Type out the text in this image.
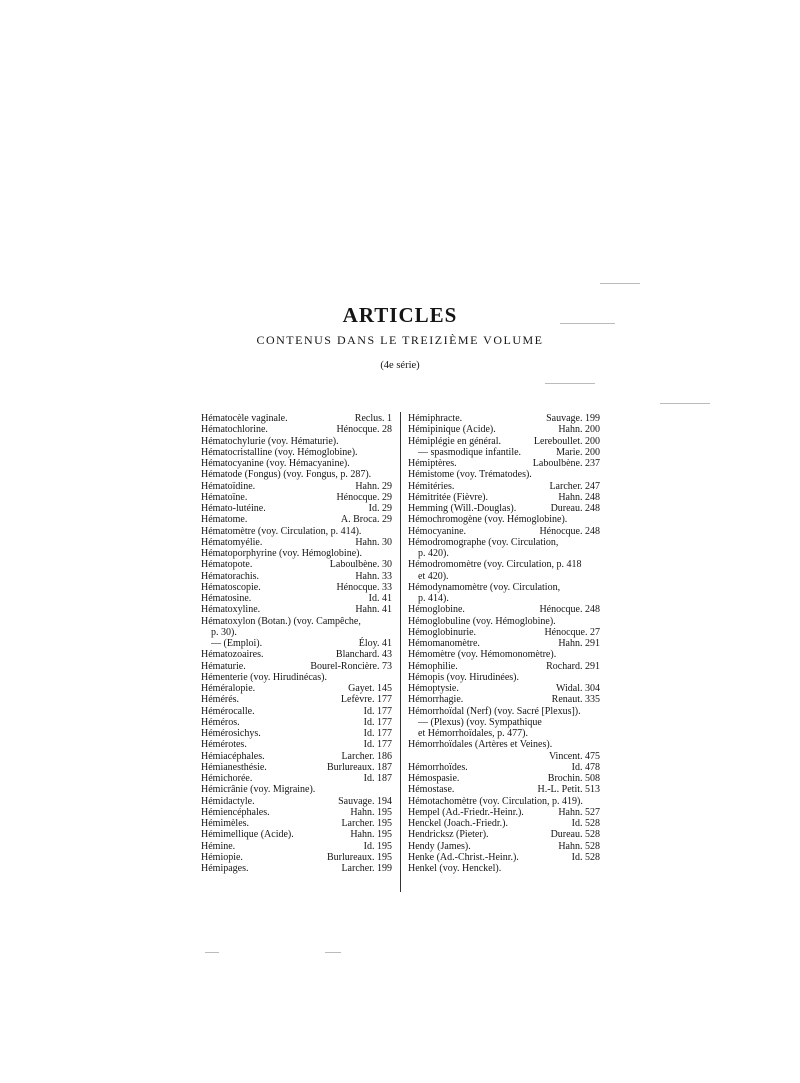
ARTICLES
CONTENUS DANS LE TREIZIÈME VOLUME
(4e série)
Hématocèle vaginale.	Reclus. 1
Hématochlorine.	Hénocque. 28
Hématochylurie (voy. Hématurie).
Hématocristalline (voy. Hémoglobine).
Hématocyanine (voy. Hémacyanine).
Hématode (Fongus) (voy. Fongus, p. 287).
Hématoïdine.	Hahn. 29
Hématoïne.	Hénocque. 29
Hémato-lutéine.	Id. 29
Hématome.	A. Broca. 29
Hématomètre (voy. Circulation, p. 414).
Hématomyélie.	Hahn. 30
Hématoporphyrine (voy. Hémoglobine).
Hématopote.	Laboulbène. 30
Hématorachis.	Hahn. 33
Hématoscopie.	Hénocque. 33
Hématosine.	Id. 41
Hématoxyline.	Hahn. 41
Hématoxylon (Botan.) (voy. Campêche,
p. 30).
— (Emploi).	Éloy. 41
Hématozoaires.	Blanchard. 43
Hématurie.	Bourel-Roncière. 73
Hémenterie (voy. Hirudinécas).
Héméralopie.	Gayet. 145
Hémérés.	Lefèvre. 177
Hémérocalle.	Id. 177
Héméros.	Id. 177
Hémérosichys.	Id. 177
Hémérotes.	Id. 177
Hémiacéphales.	Larcher. 186
Hémianesthésie.	Burlureaux. 187
Hémichorée.	Id. 187
Hémicrânie (voy. Migraine).
Hémidactyle.	Sauvage. 194
Hémiencéphales.	Hahn. 195
Hémimèles.	Larcher. 195
Hémimellique (Acide).	Hahn. 195
Hémine.	Id. 195
Hémiopie.	Burlureaux. 195
Hémipages.	Larcher. 199
Hémiphracte.	Sauvage. 199
Hémipinique (Acide).	Hahn. 200
Hémiplégie en général.	Lereboullet. 200
— spasmodique infantile.	Marie. 200
Hémiptères.	Laboulbène. 237
Hémistome (voy. Trématodes).
Hémitéries.	Larcher. 247
Hémitritée (Fièvre).	Hahn. 248
Hemming (Will.-Douglas).	Dureau. 248
Hémochromogène (voy. Hémoglobine).
Hémocyanine.	Hénocque. 248
Hémodromographe (voy. Circulation,
p. 420).
Hémodromomètre (voy. Circulation, p. 418
et 420).
Hémodynamomètre (voy. Circulation,
p. 414).
Hémoglobine.	Hénocque. 248
Hémoglobuline (voy. Hémoglobine).
Hémoglobinurie.	Hénocque. 27
Hémomanomètre.	Hahn. 291
Hémomètre (voy. Hémomonomètre).
Hémophilie.	Rochard. 291
Hémopis (voy. Hirudinées).
Hémoptysie.	Widal. 304
Hémorrhagie.	Renaut. 335
Hémorrhoïdal (Nerf) (voy. Sacré [Plexus]).
— (Plexus) (voy. Sympathique
et Hémorrhoïdales, p. 477).
Hémorrhoïdales (Artères et Veines).
Vincent. 475
Hémorrhoïdes.	Id. 478
Hémospasie.	Brochin. 508
Hémostase.	H.-L. Petit. 513
Hémotachomètre (voy. Circulation, p. 419).
Hempel (Ad.-Friedr.-Heinr.).	Hahn. 527
Henckel (Joach.-Friedr.).	Id. 528
Hendricksz (Pieter).	Dureau. 528
Hendy (James).	Hahn. 528
Henke (Ad.-Christ.-Heinr.).	Id. 528
Henkel (voy. Henckel).
